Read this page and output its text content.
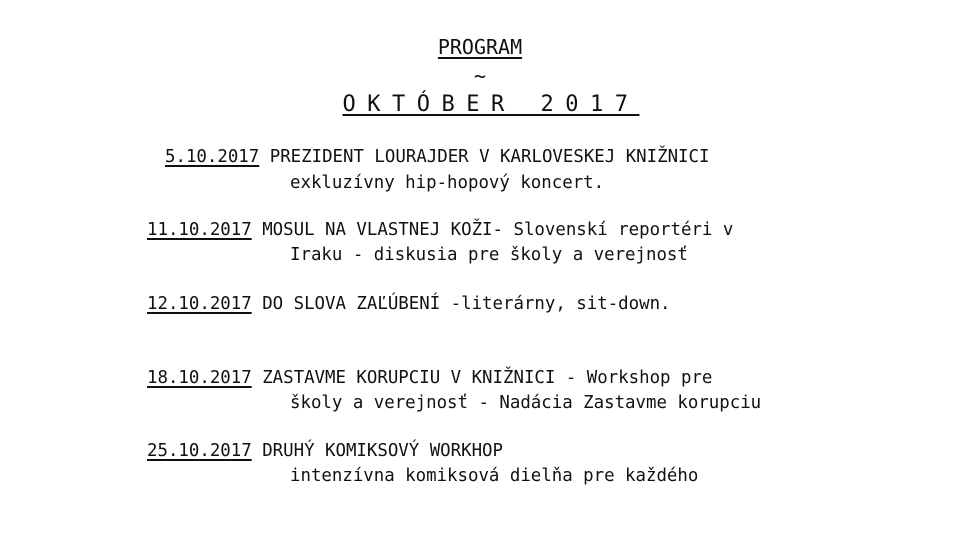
PROGRAM
~
OKTÓBER 2017
5.10.2017 PREZIDENT LOURAJDER V KARLOVESKEJ KNIŽNICI
exkluzívny hip-hopový koncert.
11.10.2017 MOSUL NA VLASTNEJ KOŽI- Slovenskí reportéri v
Iraku - diskusia pre školy a verejnosť
12.10.2017 DO SLOVA ZAĽÚBENÍ -literárny, sit-down.
18.10.2017 ZASTAVME KORUPCIU V KNIŽNICI - Workshop pre
školy a verejnosť - Nadácia Zastavme korupciu
25.10.2017 DRUHÝ KOMIKSOVÝ WORKHOP
intenzívna komiksová dielňa pre každého
